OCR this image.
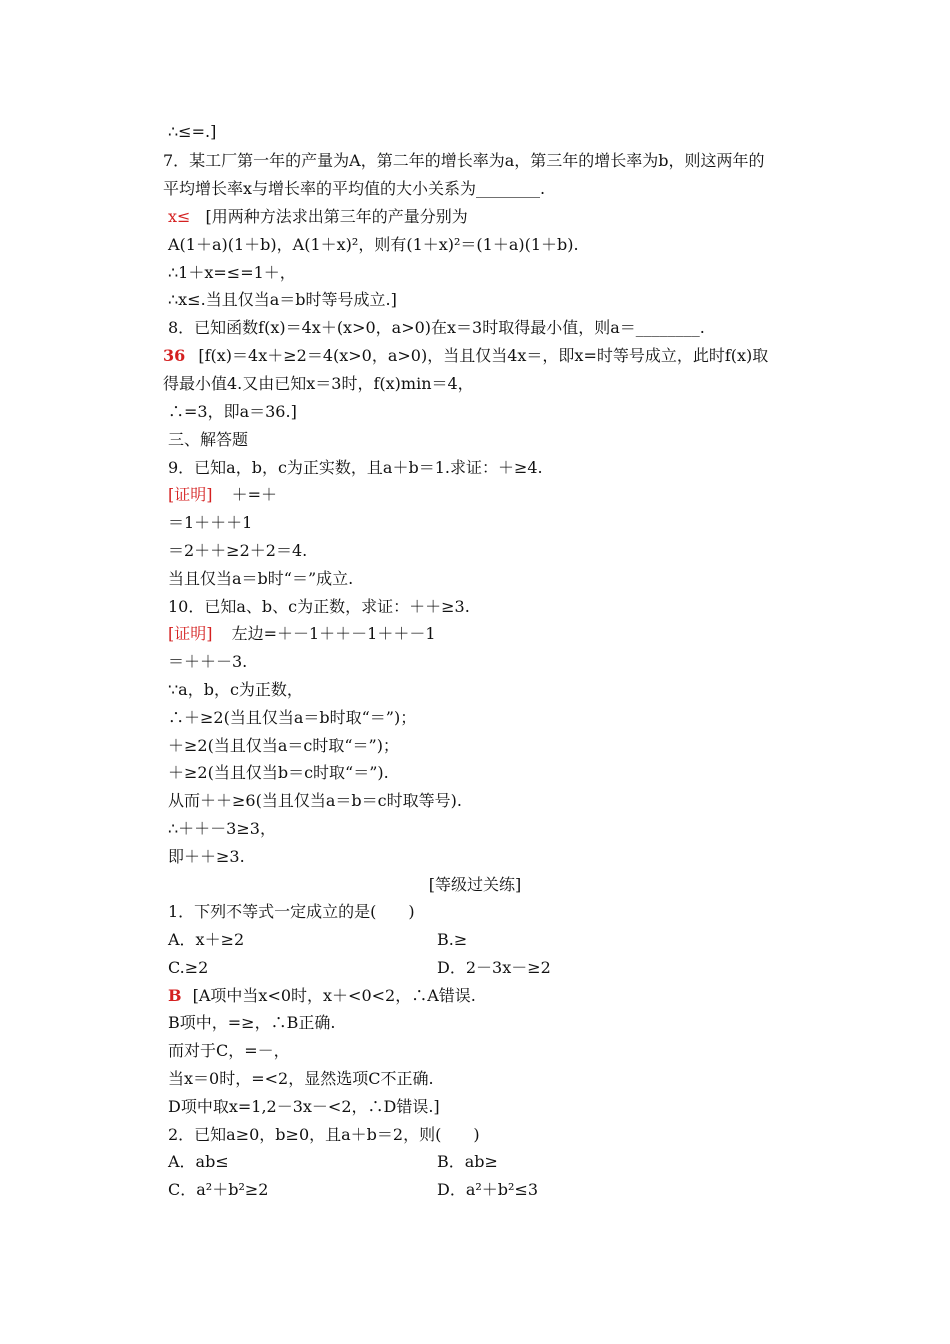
∴≤=.]
7．某工厂第一年的产量为A，第二年的增长率为a，第三年的增长率为b，则这两年的
平均增长率x与增长率的平均值的大小关系为________.
x≤ [用两种方法求出第三年的产量分别为
A(1＋a)(1＋b)，A(1＋x)²，则有(1＋x)²＝(1＋a)(1＋b).
∴1＋x=≤=1＋，
∴x≤.当且仅当a＝b时等号成立.]
8．已知函数f(x)＝4x＋(x>0，a>0)在x＝3时取得最小值，则a＝________.
36 [f(x)＝4x＋≥2＝4(x>0，a>0)，当且仅当4x＝，即x=时等号成立，此时f(x)取
得最小值4.又由已知x＝3时，f(x)min＝4，
∴=3，即a＝36.]
三、解答题
9．已知a，b，c为正实数，且a＋b＝1.求证：＋≥4.
[证明] ＋=＋
＝1＋＋＋1
＝2＋＋≥2＋2＝4.
当且仅当a＝b时“＝”成立.
10．已知a、b、c为正数，求证：＋＋≥3.
[证明] 左边=＋－1＋＋－1＋＋－1
＝＋＋－3.
∵a，b，c为正数，
∴＋≥2(当且仅当a＝b时取“＝”)；
＋≥2(当且仅当a＝c时取“＝”)；
＋≥2(当且仅当b＝c时取“＝”).
从而＋＋≥6(当且仅当a＝b＝c时取等号).
∴＋＋－3≥3，
即＋＋≥3.
[等级过关练]
1．下列不等式一定成立的是(　　)
A．x＋≥2	B.≥
C.≥2	D．2－3x－≥2
B [A项中当x<0时，x＋<0<2，∴A错误.
B项中，=≥，∴B正确.
而对于C，=－，
当x＝0时，=<2，显然选项C不正确.
D项中取x=1,2－3x－<2，∴D错误.]
2．已知a≥0，b≥0，且a＋b＝2，则(　　)
A．ab≤	B．ab≥
C．a²＋b²≥2	D．a²＋b²≤3
